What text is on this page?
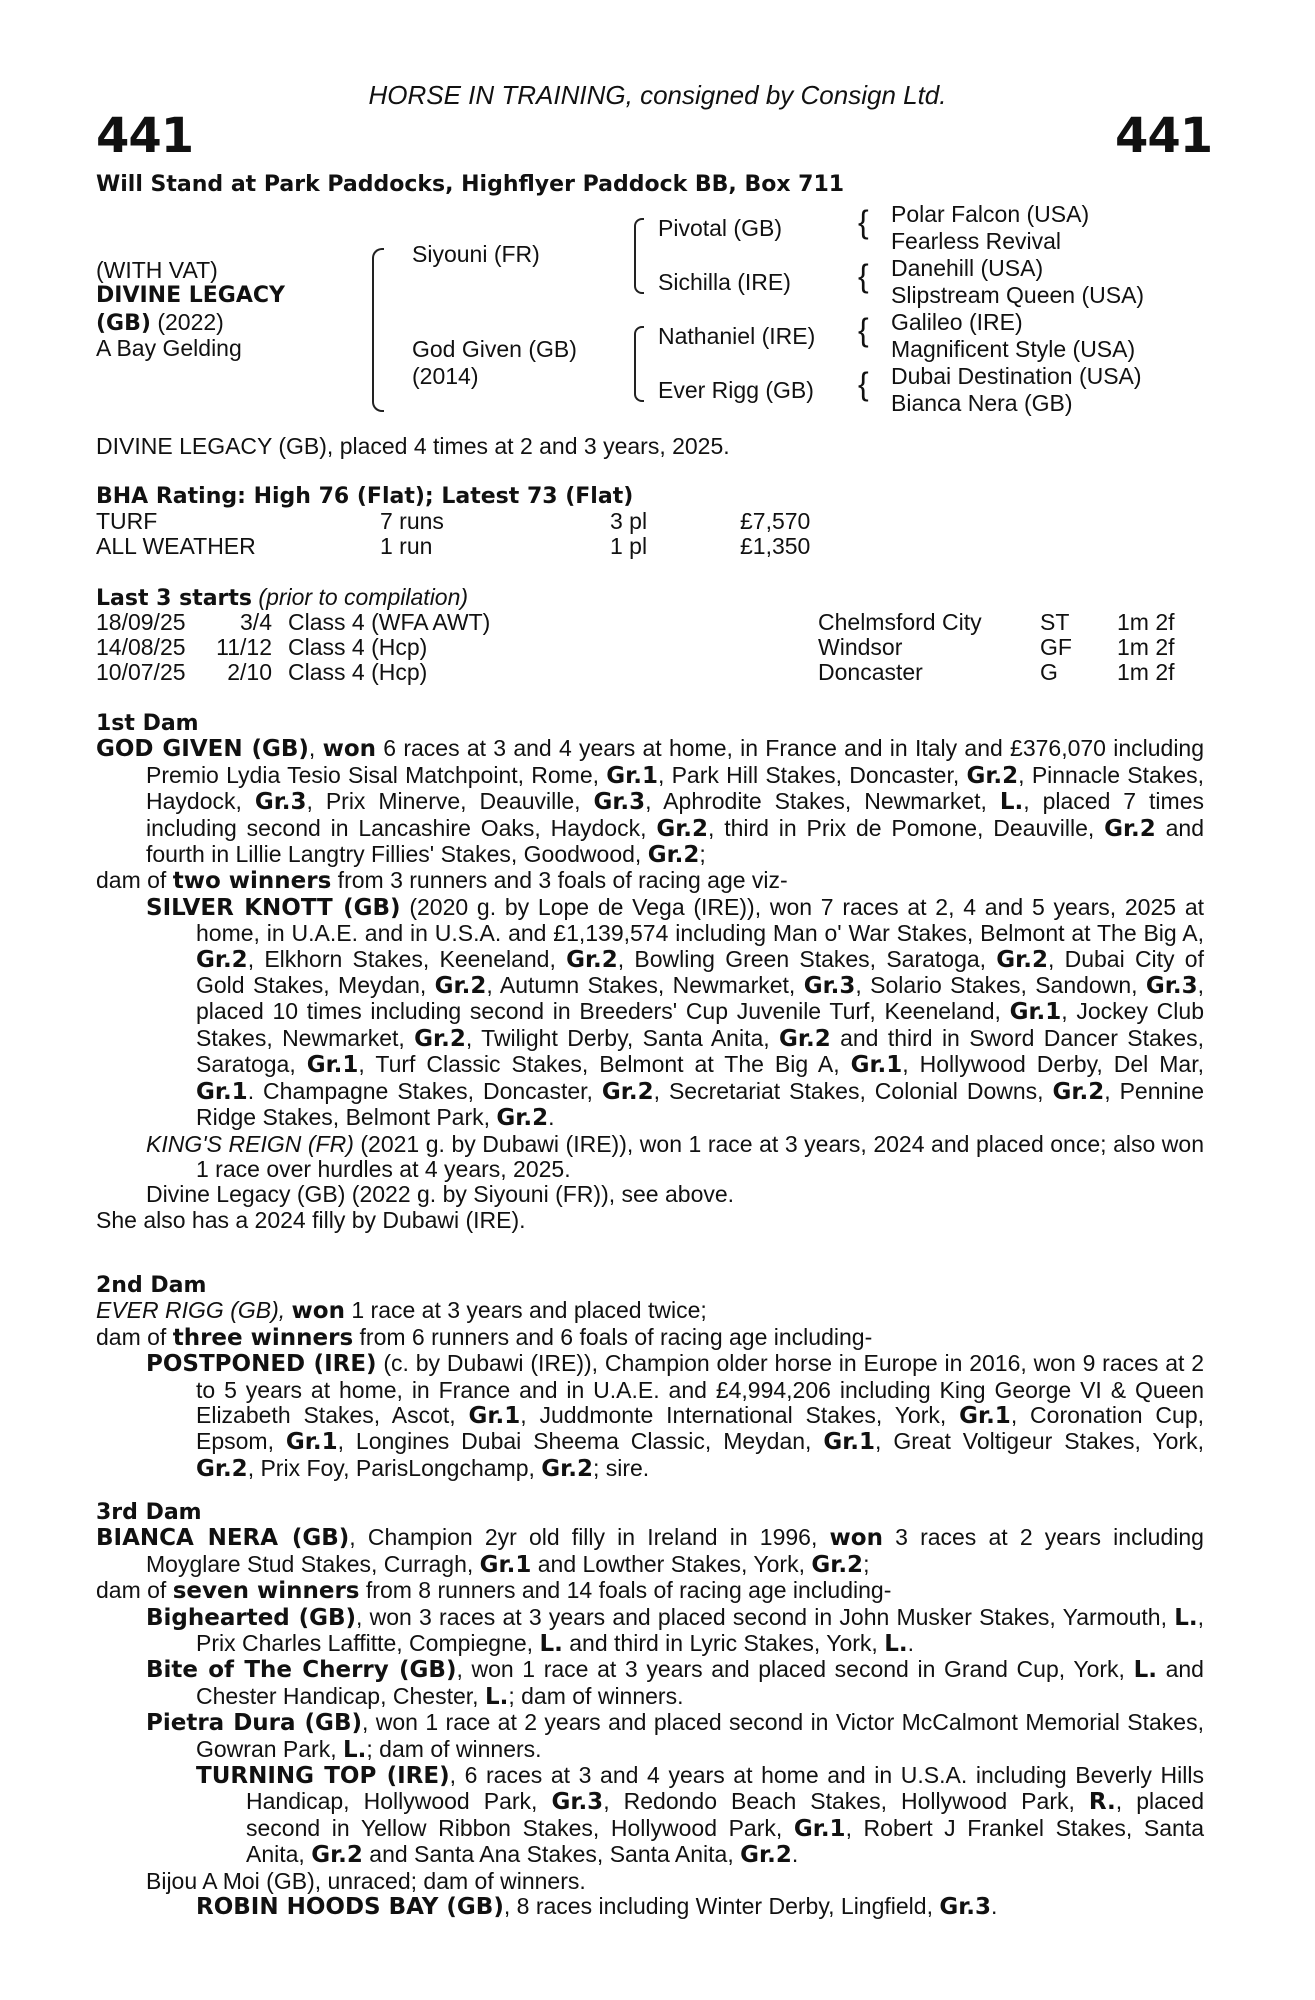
HORSE IN TRAINING, consigned by Consign Ltd.
441	441
Will Stand at Park Paddocks, Highflyer Paddock BB, Box 711
(WITH VAT)
DIVINE LEGACY
(GB) (2022)
A Bay Gelding
Siyouni (FR)
God Given (GB)
(2014)
Pivotal (GB)
Sichilla (IRE)
Nathaniel (IRE)
Ever Rigg (GB)
{
{
{
{
Polar Falcon (USA)
Fearless Revival
Danehill (USA)
Slipstream Queen (USA)
Galileo (IRE)
Magnificent Style (USA)
Dubai Destination (USA)
Bianca Nera (GB)
DIVINE LEGACY (GB), placed 4 times at 2 and 3 years, 2025.
BHA Rating: High 76 (Flat); Latest 73 (Flat)
TURF	7 runs	3 pl	£7,570
ALL WEATHER	1 run	1 pl	£1,350
Last 3 starts (prior to compilation)
18/09/25	3/4 Class 4 (WFA AWT)	Chelmsford City	ST 1m 2f
14/08/25 11/12 Class 4 (Hcp)	Windsor	GF 1m 2f
10/07/25	2/10 Class 4 (Hcp)	Doncaster	G	1m 2f

1st Dam

GOD GIVEN (GB), won 6 races at 3 and 4 years at home, in France and in Italy and £376,070 including Premio Lydia Tesio Sisal Matchpoint, Rome, Gr.1, Park Hill Stakes, Doncaster, Gr.2, Pinnacle Stakes, Haydock, Gr.3, Prix Minerve, Deauville, Gr.3, Aphrodite Stakes, Newmarket, L., placed 7 times including second in Lancashire Oaks, Haydock, Gr.2, third in Prix de Pomone, Deauville, Gr.2 and fourth in Lillie Langtry Fillies' Stakes, Goodwood, Gr.2;

dam of two winners from 3 runners and 3 foals of racing age viz-

SILVER KNOTT (GB) (2020 g. by Lope de Vega (IRE)), won 7 races at 2, 4 and 5 years, 2025 at home, in U.A.E. and in U.S.A. and £1,139,574 including Man o' War Stakes, Belmont at The Big A, Gr.2, Elkhorn Stakes, Keeneland, Gr.2, Bowling Green Stakes, Saratoga, Gr.2, Dubai City of Gold Stakes, Meydan, Gr.2, Autumn Stakes, Newmarket, Gr.3, Solario Stakes, Sandown, Gr.3, placed 10 times including second in Breeders' Cup Juvenile Turf, Keeneland, Gr.1, Jockey Club Stakes, Newmarket, Gr.2, Twilight Derby, Santa Anita, Gr.2 and third in Sword Dancer Stakes, Saratoga, Gr.1, Turf Classic Stakes, Belmont at The Big A, Gr.1, Hollywood Derby, Del Mar, Gr.1. Champagne Stakes, Doncaster, Gr.2, Secretariat Stakes, Colonial Downs, Gr.2, Pennine Ridge Stakes, Belmont Park, Gr.2.

KING'S REIGN (FR) (2021 g. by Dubawi (IRE)), won 1 race at 3 years, 2024 and placed once; also won 1 race over hurdles at 4 years, 2025.

Divine Legacy (GB) (2022 g. by Siyouni (FR)), see above.

She also has a 2024 filly by Dubawi (IRE).

2nd Dam

EVER RIGG (GB), won 1 race at 3 years and placed twice;

dam of three winners from 6 runners and 6 foals of racing age including-

POSTPONED (IRE) (c. by Dubawi (IRE)), Champion older horse in Europe in 2016, won 9 races at 2 to 5 years at home, in France and in U.A.E. and £4,994,206 including King George VI & Queen Elizabeth Stakes, Ascot, Gr.1, Juddmonte International Stakes, York, Gr.1, Coronation Cup, Epsom, Gr.1, Longines Dubai Sheema Classic, Meydan, Gr.1, Great Voltigeur Stakes, York, Gr.2, Prix Foy, ParisLongchamp, Gr.2; sire.

3rd Dam

BIANCA NERA (GB), Champion 2yr old filly in Ireland in 1996, won 3 races at 2 years including Moyglare Stud Stakes, Curragh, Gr.1 and Lowther Stakes, York, Gr.2;

dam of seven winners from 8 runners and 14 foals of racing age including-

Bighearted (GB), won 3 races at 3 years and placed second in John Musker Stakes, Yarmouth, L., Prix Charles Laffitte, Compiegne, L. and third in Lyric Stakes, York, L..

Bite of The Cherry (GB), won 1 race at 3 years and placed second in Grand Cup, York, L. and Chester Handicap, Chester, L.; dam of winners.

Pietra Dura (GB), won 1 race at 2 years and placed second in Victor McCalmont Memorial Stakes, Gowran Park, L.; dam of winners.

TURNING TOP (IRE), 6 races at 3 and 4 years at home and in U.S.A. including Beverly Hills Handicap, Hollywood Park, Gr.3, Redondo Beach Stakes, Hollywood Park, R., placed second in Yellow Ribbon Stakes, Hollywood Park, Gr.1, Robert J Frankel Stakes, Santa Anita, Gr.2 and Santa Ana Stakes, Santa Anita, Gr.2.

Bijou A Moi (GB), unraced; dam of winners.

ROBIN HOODS BAY (GB), 8 races including Winter Derby, Lingfield, Gr.3.
